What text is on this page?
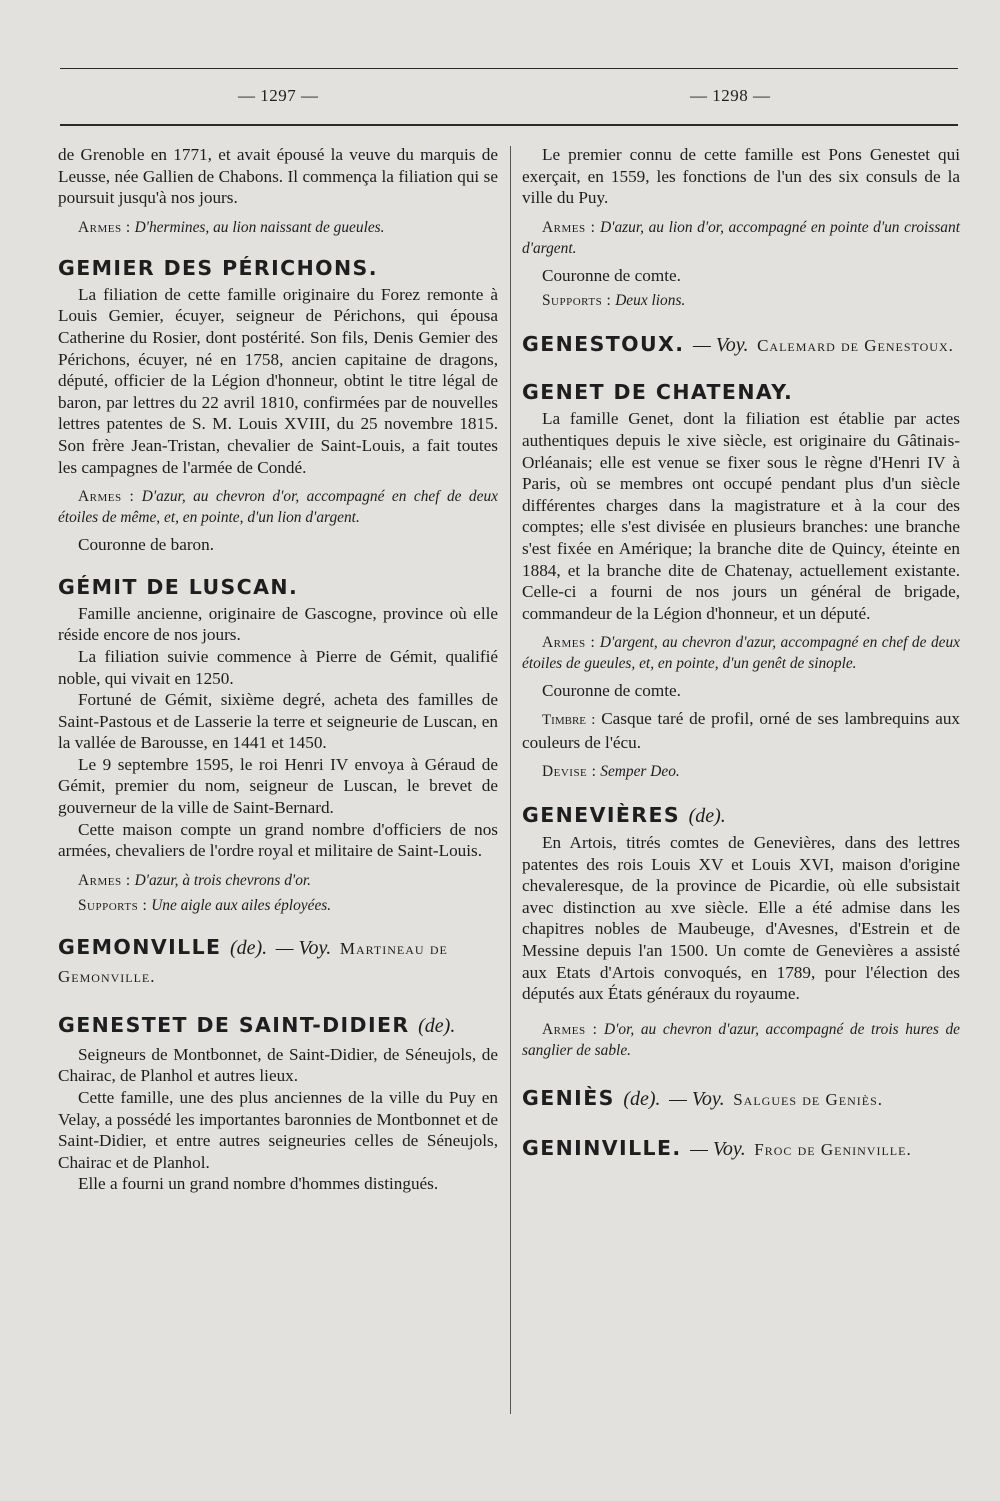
— 1297 —	— 1298 —

de Grenoble en 1771, et avait épousé la veuve du marquis de Leusse, née Gallien de Chabons. Il commença la filiation qui se poursuit jusqu'à nos jours.

Armes : D'hermines, au lion naissant de gueules.

GEMIER DES PÉRICHONS.

La filiation de cette famille originaire du Forez remonte à Louis Gemier, écuyer, seigneur de Périchons, qui épousa Catherine du Rosier, dont postérité. Son fils, Denis Gemier des Périchons, écuyer, né en 1758, ancien capitaine de dragons, député, officier de la Légion d'honneur, obtint le titre légal de baron, par lettres du 22 avril 1810, confirmées par de nouvelles lettres patentes de S. M. Louis XVIII, du 25 novembre 1815. Son frère Jean-Tristan, chevalier de Saint-Louis, a fait toutes les campagnes de l'armée de Condé.

Armes : D'azur, au chevron d'or, accompagné en chef de deux étoiles de même, et, en pointe, d'un lion d'argent.

Couronne de baron.

GÉMIT DE LUSCAN.

Famille ancienne, originaire de Gascogne, province où elle réside encore de nos jours.

La filiation suivie commence à Pierre de Gémit, qualifié noble, qui vivait en 1250.

Fortuné de Gémit, sixième degré, acheta des familles de Saint-Pastous et de Lasserie la terre et seigneurie de Luscan, en la vallée de Barousse, en 1441 et 1450.

Le 9 septembre 1595, le roi Henri IV envoya à Géraud de Gémit, premier du nom, seigneur de Luscan, le brevet de gouverneur de la ville de Saint-Bernard.

Cette maison compte un grand nombre d'officiers de nos armées, chevaliers de l'ordre royal et militaire de Saint-Louis.

Armes : D'azur, à trois chevrons d'or.

Supports : Une aigle aux ailes éployées.

GEMONVILLE (de). — Voy. Martineau de Gemonville.
GENESTET DE SAINT-DIDIER (de).

Seigneurs de Montbonnet, de Saint-Didier, de Séneujols, de Chairac, de Planhol et autres lieux.

Cette famille, une des plus anciennes de la ville du Puy en Velay, a possédé les importantes baronnies de Montbonnet et de Saint-Didier, et entre autres seigneuries celles de Séneujols, Chairac et de Planhol.

Elle a fourni un grand nombre d'hommes distingués.

Le premier connu de cette famille est Pons Genestet qui exerçait, en 1559, les fonctions de l'un des six consuls de la ville du Puy.

Armes : D'azur, au lion d'or, accompagné en pointe d'un croissant d'argent.

Couronne de comte.

Supports : Deux lions.

GENESTOUX. — Voy. Calemard de Genestoux.
GENET DE CHATENAY.

La famille Genet, dont la filiation est établie par actes authentiques depuis le xive siècle, est originaire du Gâtinais-Orléanais; elle est venue se fixer sous le règne d'Henri IV à Paris, où se membres ont occupé pendant plus d'un siècle différentes charges dans la magistrature et à la cour des comptes; elle s'est divisée en plusieurs branches: une branche s'est fixée en Amérique; la branche dite de Quincy, éteinte en 1884, et la branche dite de Chatenay, actuellement existante. Celle-ci a fourni de nos jours un général de brigade, commandeur de la Légion d'honneur, et un député.

Armes : D'argent, au chevron d'azur, accompagné en chef de deux étoiles de gueules, et, en pointe, d'un genêt de sinople.

Couronne de comte.

Timbre : Casque taré de profil, orné de ses lambrequins aux couleurs de l'écu.

Devise : Semper Deo.

GENEVIÈRES (de).

En Artois, titrés comtes de Genevières, dans des lettres patentes des rois Louis XV et Louis XVI, maison d'origine chevaleresque, de la province de Picardie, où elle subsistait avec distinction au xve siècle. Elle a été admise dans les chapitres nobles de Maubeuge, d'Avesnes, d'Estrein et de Messine depuis l'an 1500. Un comte de Genevières a assisté aux Etats d'Artois convoqués, en 1789, pour l'élection des députés aux États généraux du royaume.

Armes : D'or, au chevron d'azur, accompagné de trois hures de sanglier de sable.

GENIÈS (de). — Voy. Salgues de Geniès.
GENINVILLE. — Voy. Froc de Geninville.
